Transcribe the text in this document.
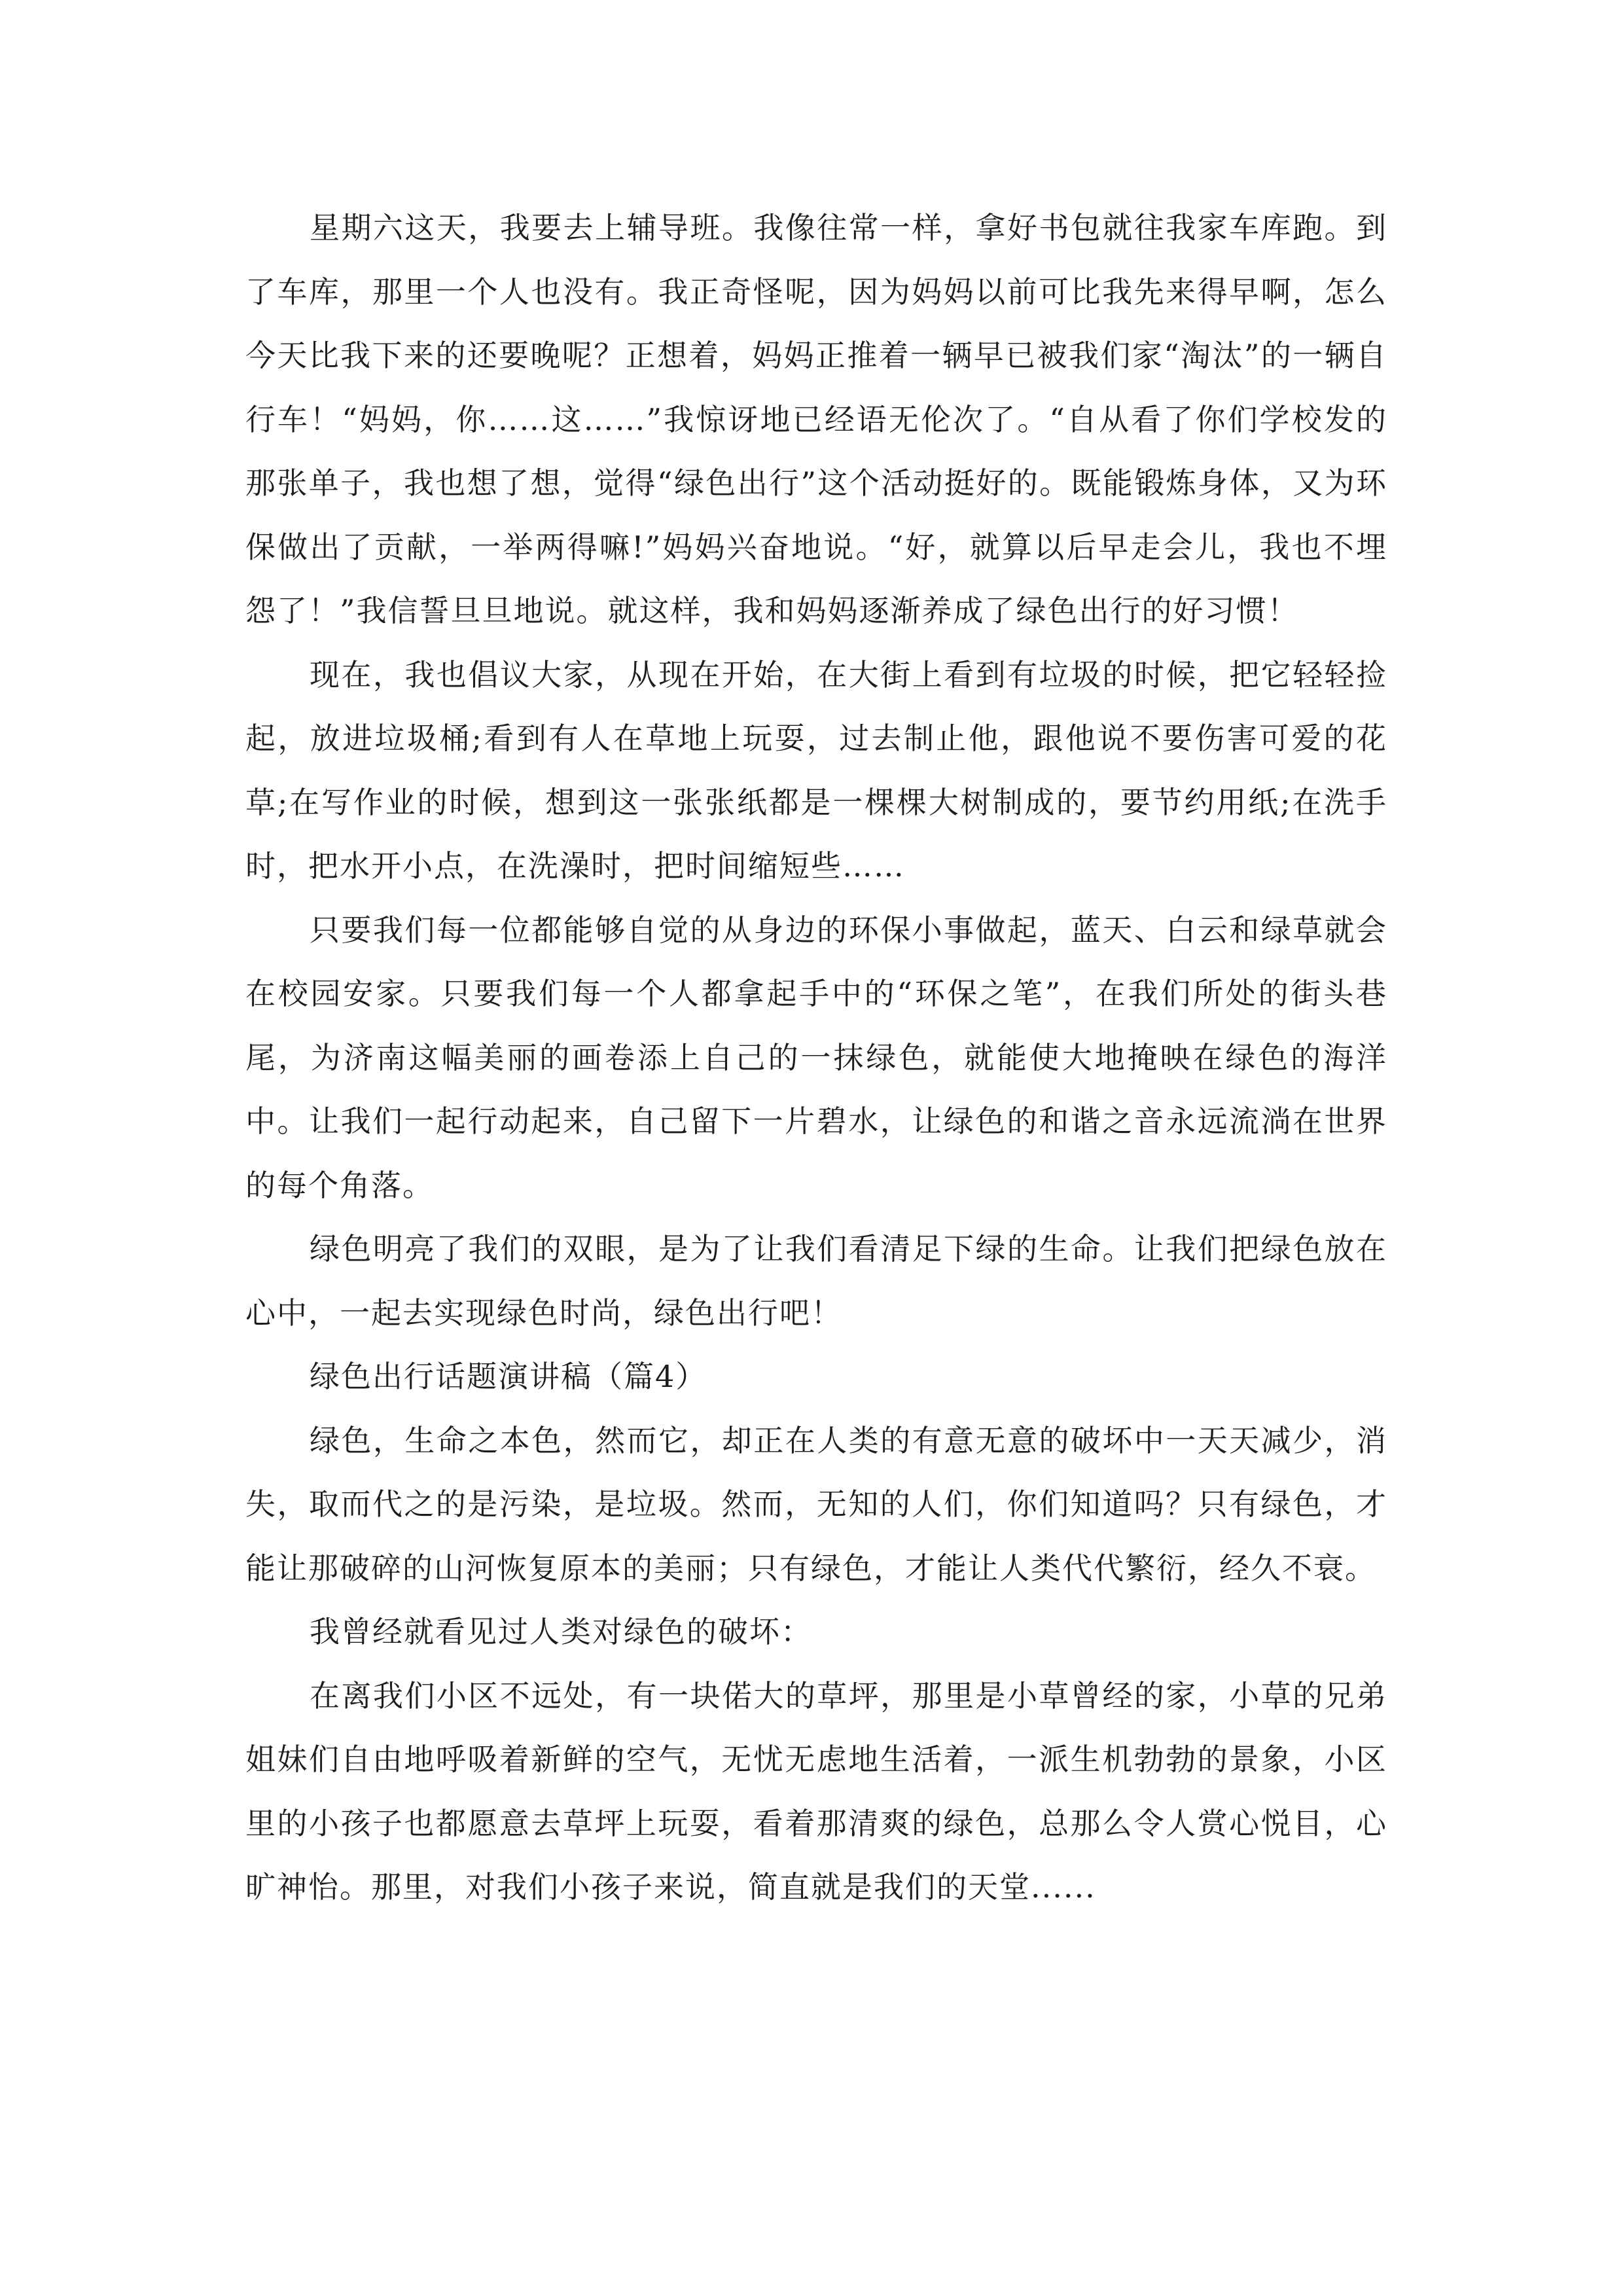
星期六这天，我要去上辅导班。我像往常一样，拿好书包就往我家车库跑。到了车库，那里一个人也没有。我正奇怪呢，因为妈妈以前可比我先来得早啊，怎么今天比我下来的还要晚呢？正想着，妈妈正推着一辆早已被我们家“淘汰”的一辆自行车！“妈妈，你……这……”我惊讶地已经语无伦次了。“自从看了你们学校发的那张单子，我也想了想，觉得“绿色出行”这个活动挺好的。既能锻炼身体，又为环保做出了贡献，一举两得嘛!”妈妈兴奋地说。“好，就算以后早走会儿，我也不埋怨了！”我信誓旦旦地说。就这样，我和妈妈逐渐养成了绿色出行的好习惯！

现在，我也倡议大家，从现在开始，在大街上看到有垃圾的时候，把它轻轻捡起，放进垃圾桶;看到有人在草地上玩耍，过去制止他，跟他说不要伤害可爱的花草;在写作业的时候，想到这一张张纸都是一棵棵大树制成的，要节约用纸;在洗手时，把水开小点，在洗澡时，把时间缩短些……

只要我们每一位都能够自觉的从身边的环保小事做起，蓝天、白云和绿草就会在校园安家。只要我们每一个人都拿起手中的“环保之笔”，在我们所处的街头巷尾，为济南这幅美丽的画卷添上自己的一抹绿色，就能使大地掩映在绿色的海洋中。让我们一起行动起来，自己留下一片碧水，让绿色的和谐之音永远流淌在世界的每个角落。

绿色明亮了我们的双眼，是为了让我们看清足下绿的生命。让我们把绿色放在心中，一起去实现绿色时尚，绿色出行吧！

绿色出行话题演讲稿（篇4）

绿色，生命之本色，然而它，却正在人类的有意无意的破坏中一天天减少，消失，取而代之的是污染，是垃圾。然而，无知的人们，你们知道吗？只有绿色，才能让那破碎的山河恢复原本的美丽；只有绿色，才能让人类代代繁衍，经久不衰。

我曾经就看见过人类对绿色的破坏：

在离我们小区不远处，有一块偌大的草坪，那里是小草曾经的家，小草的兄弟姐妹们自由地呼吸着新鲜的空气，无忧无虑地生活着，一派生机勃勃的景象，小区里的小孩子也都愿意去草坪上玩耍，看着那清爽的绿色，总那么令人赏心悦目，心旷神怡。那里，对我们小孩子来说，简直就是我们的天堂......
